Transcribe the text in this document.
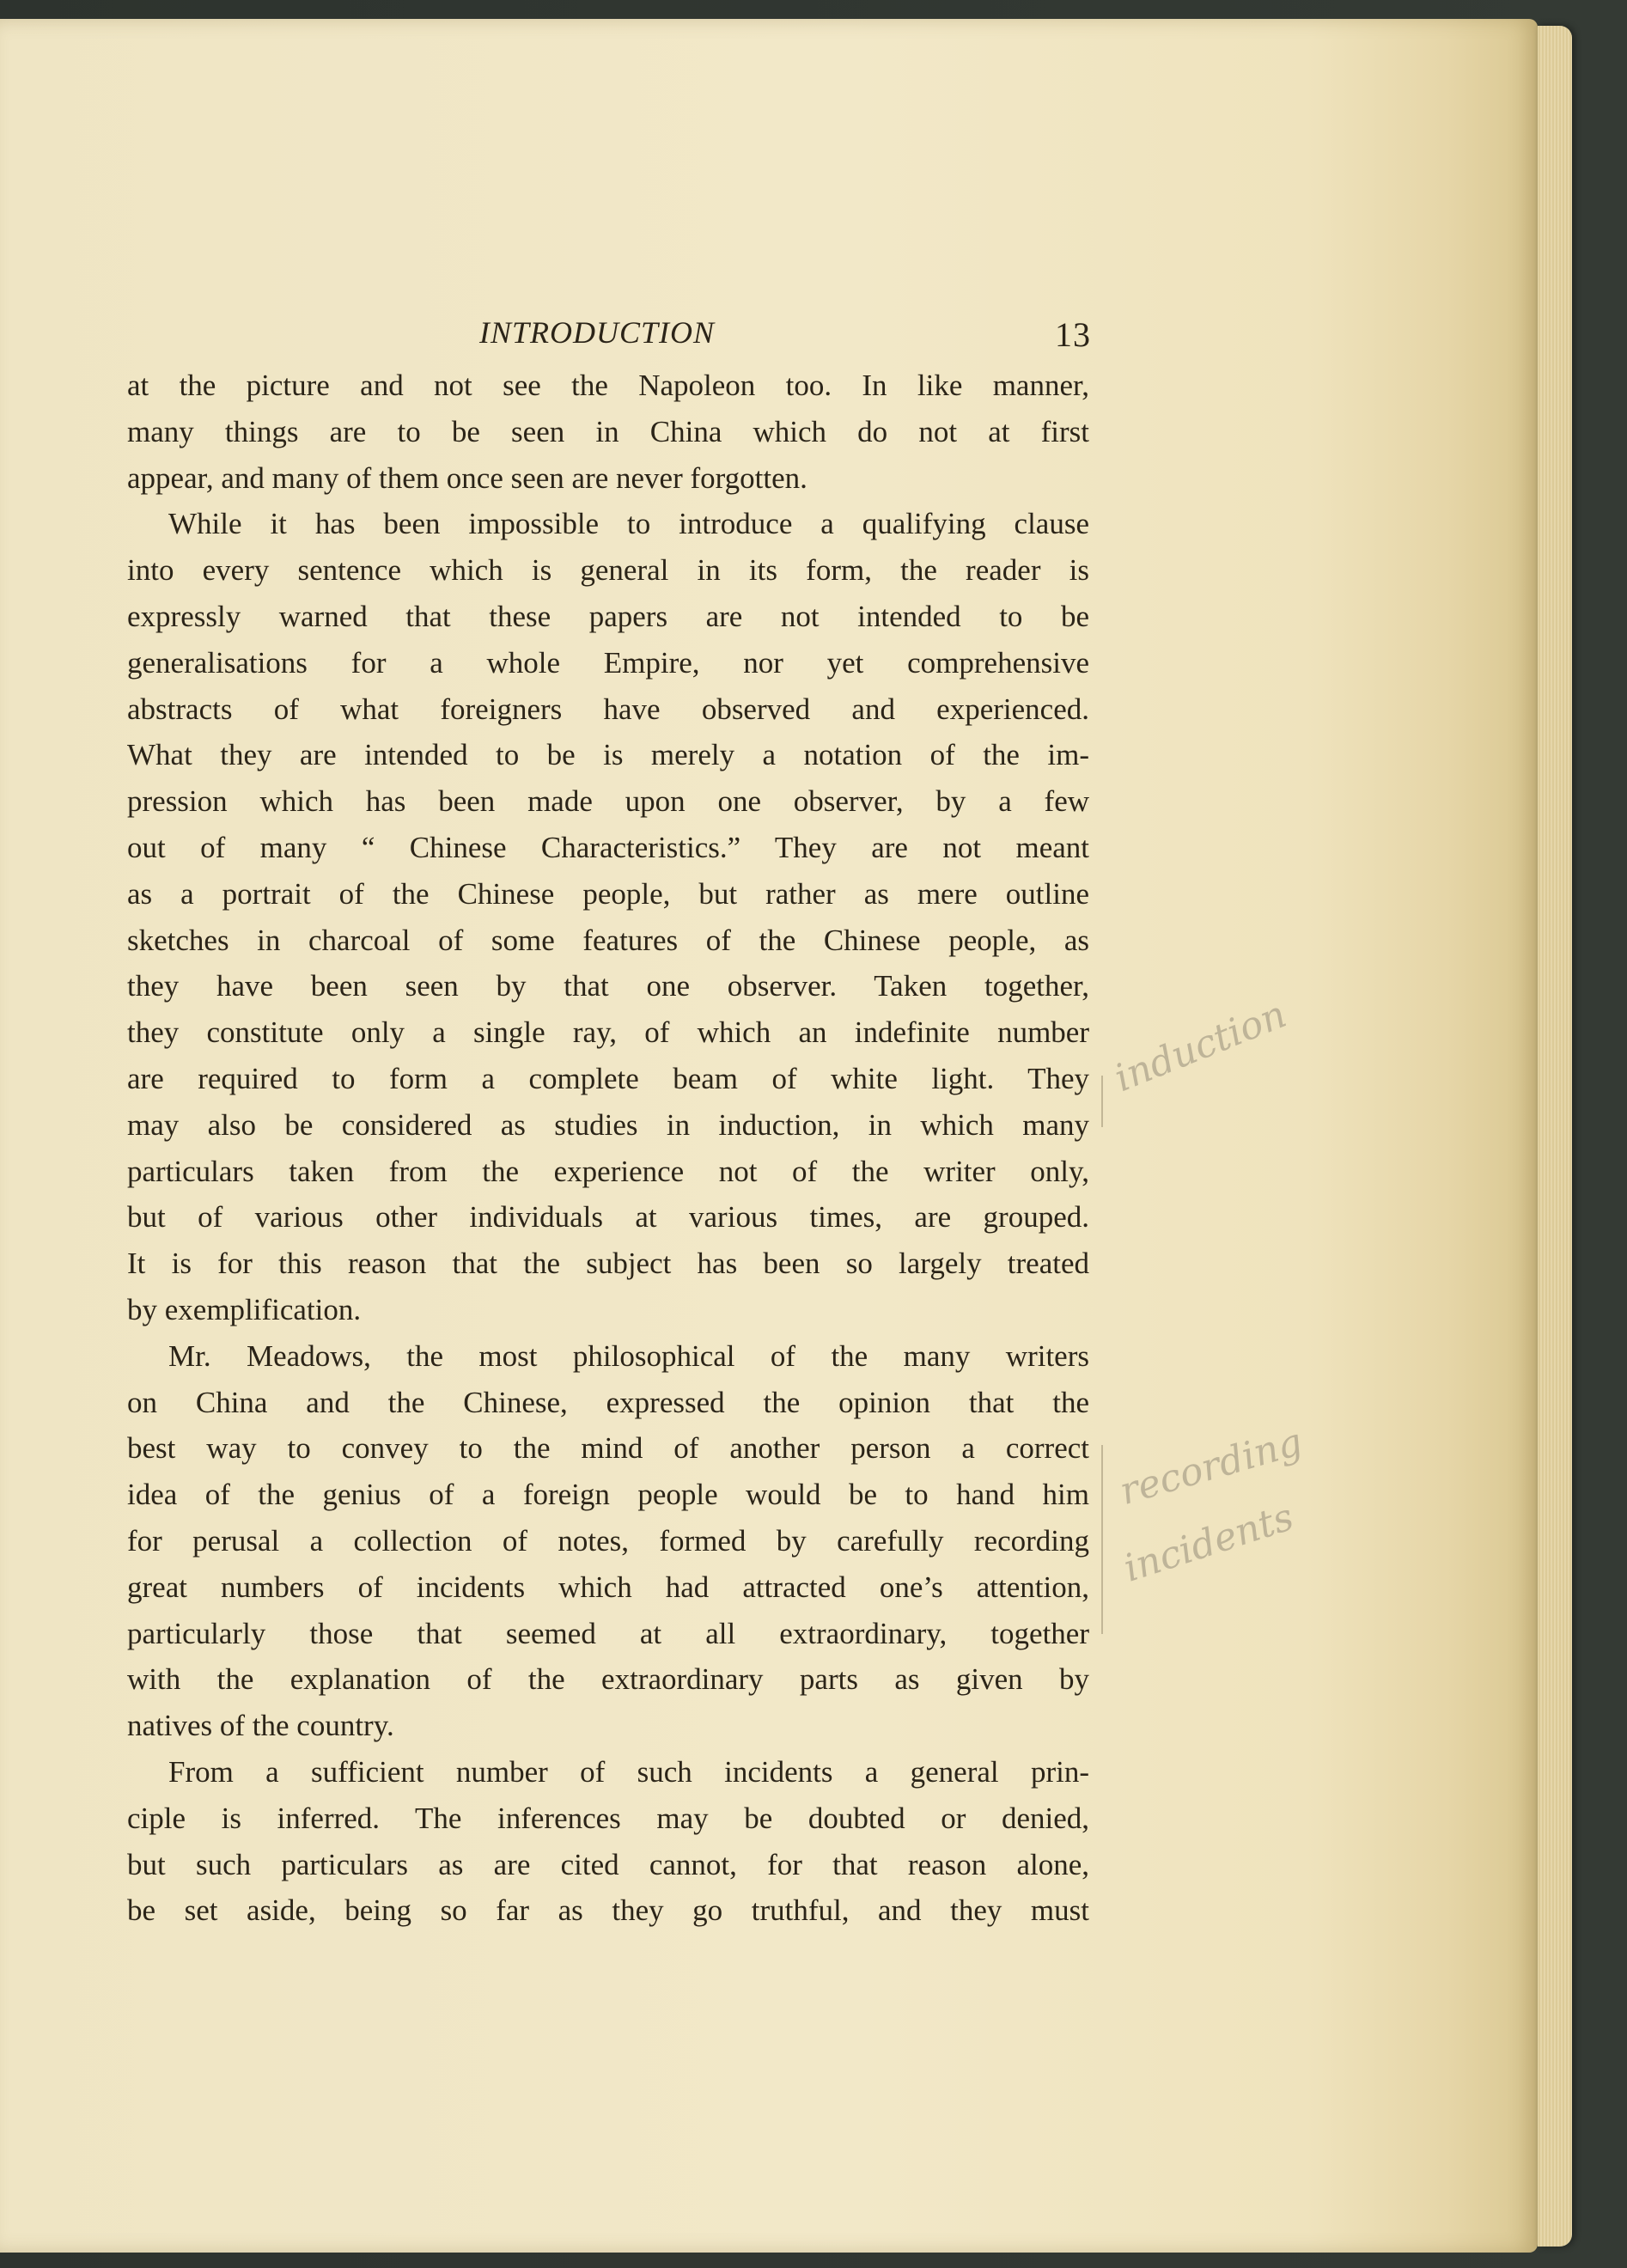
INTRODUCTION	13

at the picture and not see the Napoleon too. In like manner,

many things are to be seen in China which do not at first

appear, and many of them once seen are never forgotten.

While it has been impossible to introduce a qualifying clause

into every sentence which is general in its form, the reader is

expressly warned that these papers are not intended to be

generalisations for a whole Empire, nor yet comprehensive

abstracts of what foreigners have observed and experienced.

What they are intended to be is merely a notation of the im-

pression which has been made upon one observer, by a few

out of many “ Chinese Characteristics.” They are not meant

as a portrait of the Chinese people, but rather as mere outline

sketches in charcoal of some features of the Chinese people, as

they have been seen by that one observer. Taken together,

they constitute only a single ray, of which an indefinite number

are required to form a complete beam of white light. They

may also be considered as studies in induction, in which many

particulars taken from the experience not of the writer only,

but of various other individuals at various times, are grouped.

It is for this reason that the subject has been so largely treated

by exemplification.

Mr. Meadows, the most philosophical of the many writers

on China and the Chinese, expressed the opinion that the

best way to convey to the mind of another person a correct

idea of the genius of a foreign people would be to hand him

for perusal a collection of notes, formed by carefully recording

great numbers of incidents which had attracted one’s attention,

particularly those that seemed at all extraordinary, together

with the explanation of the extraordinary parts as given by

natives of the country.

From a sufficient number of such incidents a general prin-

ciple is inferred. The inferences may be doubted or denied,

but such particulars as are cited cannot, for that reason alone,

be set aside, being so far as they go truthful, and they must

induction
recording
incidents
